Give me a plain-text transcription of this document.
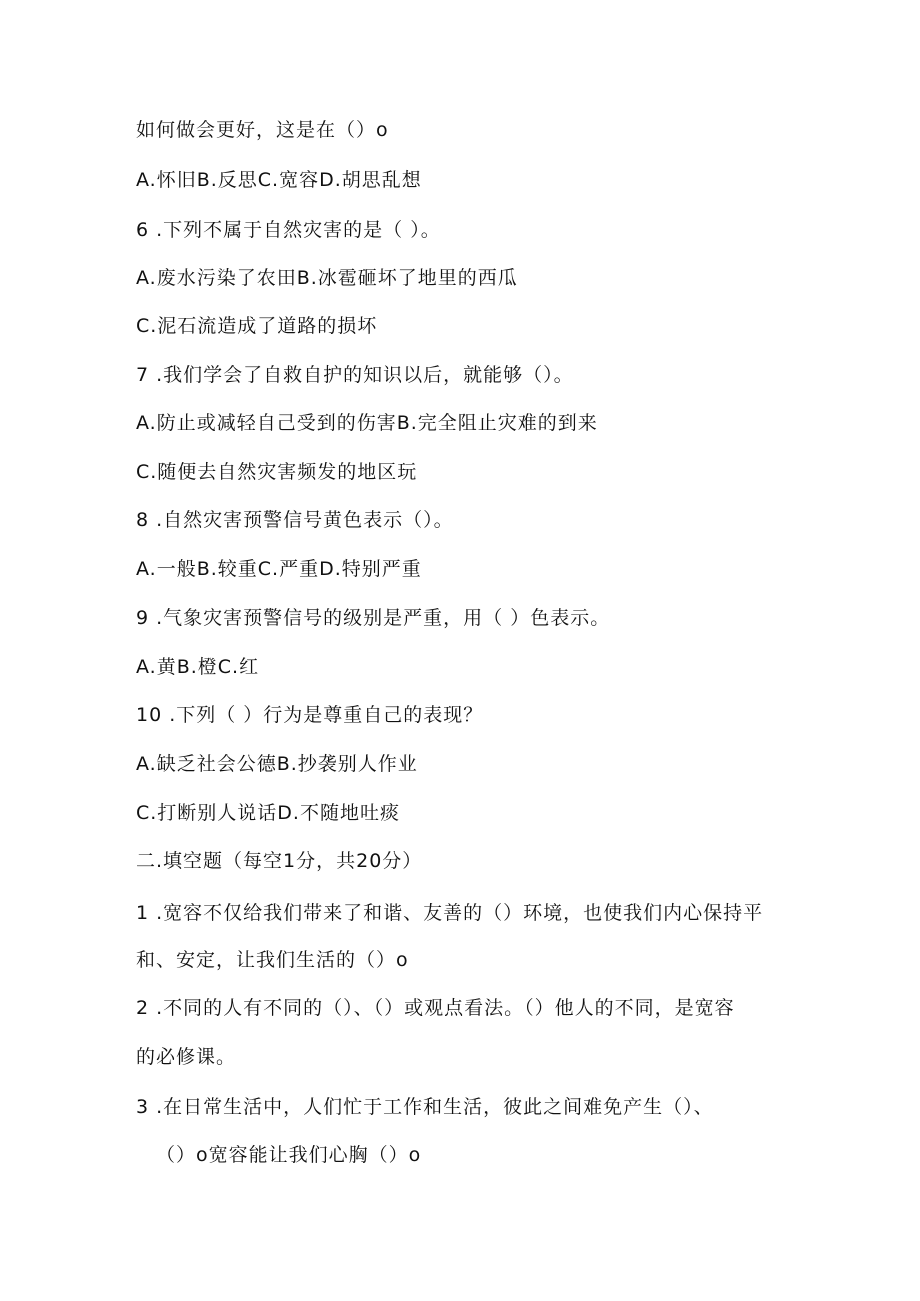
如何做会更好，这是在（）o
A.怀旧B.反思C.宽容D.胡思乱想
6 .下列不属于自然灾害的是（ ）。
A.废水污染了农田B.冰雹砸坏了地里的西瓜
C.泥石流造成了道路的损坏
7 .我们学会了自救自护的知识以后，就能够（）。
A.防止或减轻自己受到的伤害B.完全阻止灾难的到来
C.随便去自然灾害频发的地区玩
8 .自然灾害预警信号黄色表示（）。
A.一般B.较重C.严重D.特别严重
9 .气象灾害预警信号的级别是严重，用（ ）色表示。
A.黄B.橙C.红
10 .下列（ ）行为是尊重自己的表现？
A.缺乏社会公德B.抄袭别人作业
C.打断别人说话D.不随地吐痰
二.填空题（每空1分，共20分）
1 .宽容不仅给我们带来了和谐、友善的（）环境，也使我们内心保持平
和、安定，让我们生活的（）o
2 .不同的人有不同的（）、（）或观点看法。（）他人的不同，是宽容
的必修课。
3 .在日常生活中，人们忙于工作和生活，彼此之间难免产生（）、
（）o宽容能让我们心胸（）o
